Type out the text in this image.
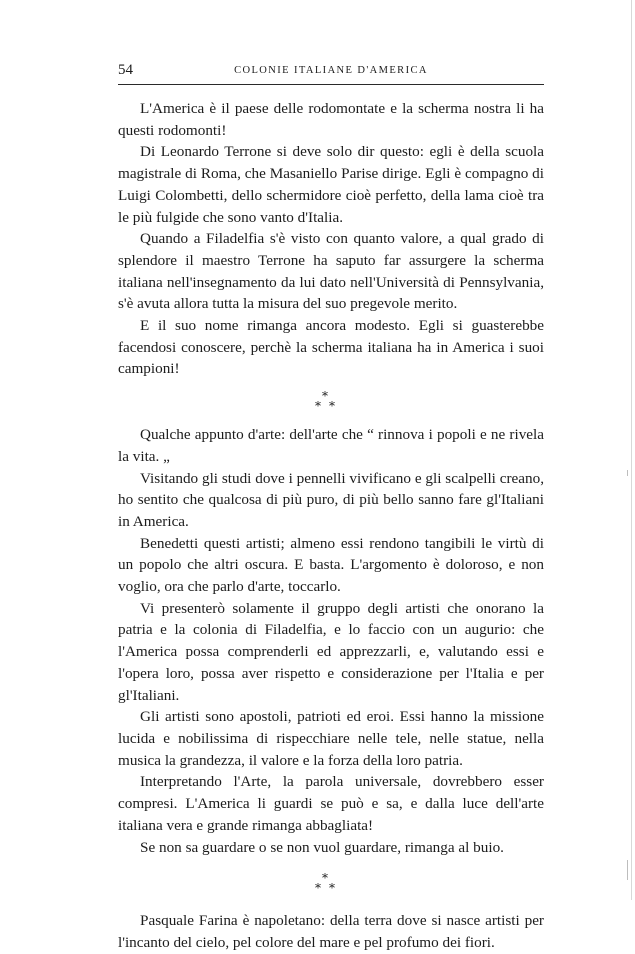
54	COLONIE ITALIANE D'AMERICA

L'America è il paese delle rodomontate e la scherma nostra li ha questi rodomonti!

Di Leonardo Terrone si deve solo dir questo: egli è della scuola magistrale di Roma, che Masaniello Parise dirige. Egli è compagno di Luigi Colombetti, dello schermidore cioè perfetto, della lama cioè tra le più fulgide che sono vanto d'Italia.

Quando a Filadelfia s'è visto con quanto valore, a qual grado di splendore il maestro Terrone ha saputo far assurgere la scherma italiana nell'insegnamento da lui dato nell'Università di Pennsylvania, s'è avuta allora tutta la misura del suo pregevole merito.

E il suo nome rimanga ancora modesto. Egli si guasterebbe facendosi conoscere, perchè la scherma italiana ha in America i suoi campioni!

*
* *

Qualche appunto d'arte: dell'arte che “ rinnova i popoli e ne rivela la vita. „

Visitando gli studi dove i pennelli vivificano e gli scalpelli creano, ho sentito che qualcosa di più puro, di più bello sanno fare gl'Italiani in America.

Benedetti questi artisti; almeno essi rendono tangibili le virtù di un popolo che altri oscura. E basta. L'argomento è doloroso, e non voglio, ora che parlo d'arte, toccarlo.

Vi presenterò solamente il gruppo degli artisti che onorano la patria e la colonia di Filadelfia, e lo faccio con un augurio: che l'America possa comprenderli ed apprezzarli, e, valutando essi e l'opera loro, possa aver rispetto e considerazione per l'Italia e per gl'Italiani.

Gli artisti sono apostoli, patrioti ed eroi. Essi hanno la missione lucida e nobilissima di rispecchiare nelle tele, nelle statue, nella musica la grandezza, il valore e la forza della loro patria.

Interpretando l'Arte, la parola universale, dovrebbero esser compresi. L'America li guardi se può e sa, e dalla luce dell'arte italiana vera e grande rimanga abbagliata!

Se non sa guardare o se non vuol guardare, rimanga al buio.

*
* *

Pasquale Farina è napoletano: della terra dove si nasce artisti per l'incanto del cielo, pel colore del mare e pel profumo dei fiori.
